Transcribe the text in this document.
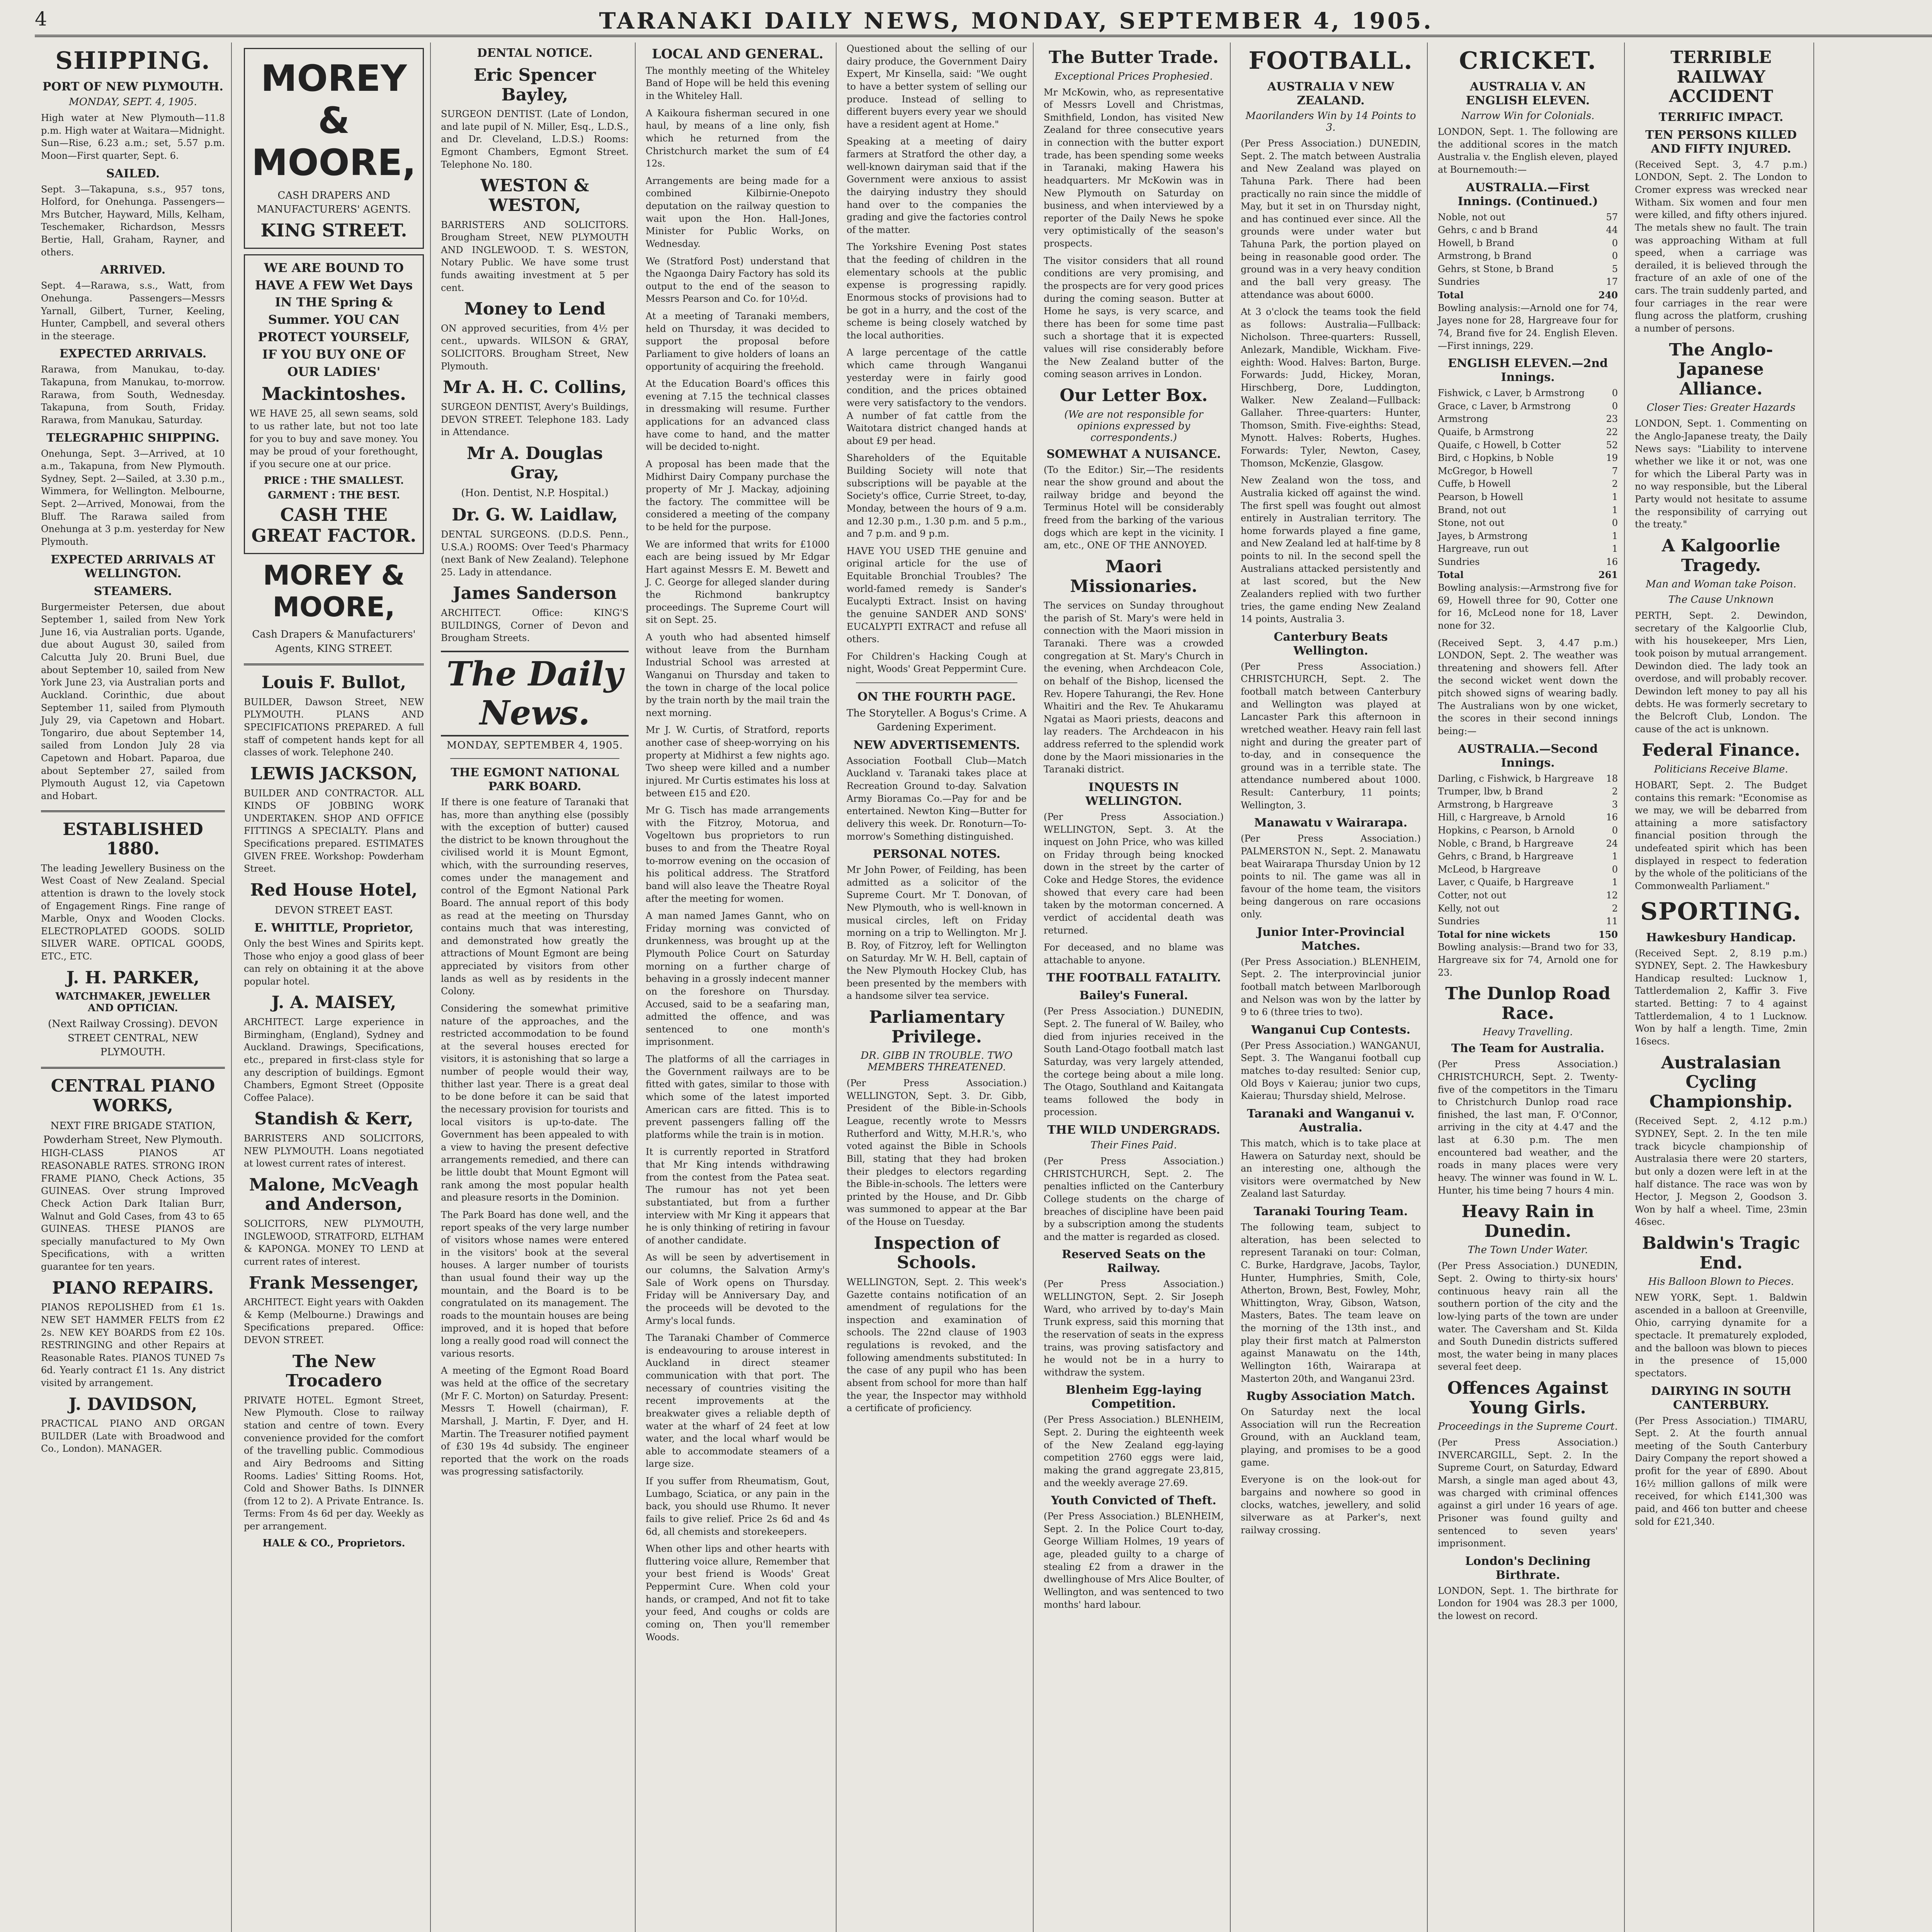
4	TARANAKI DAILY NEWS, MONDAY, SEPTEMBER 4, 1905.
SHIPPING.
PORT OF NEW PLYMOUTH.
MONDAY, SEPT. 4, 1905.

High water at New Plymouth—11.8 p.m. High water at Waitara—Midnight. Sun—Rise, 6.23 a.m.; set, 5.57 p.m. Moon—First quarter, Sept. 6.

SAILED.

Sept. 3—Takapuna, s.s., 957 tons, Holford, for Onehunga. Passengers—Mrs Butcher, Hayward, Mills, Kelham, Teschemaker, Richardson, Messrs Bertie, Hall, Graham, Rayner, and others.

ARRIVED.

Sept. 4—Rarawa, s.s., Watt, from Onehunga. Passengers—Messrs Yarnall, Gilbert, Turner, Keeling, Hunter, Campbell, and several others in the steerage.

EXPECTED ARRIVALS.

Rarawa, from Manukau, to-day. Takapuna, from Manukau, to-morrow. Rarawa, from South, Wednesday. Takapuna, from South, Friday. Rarawa, from Manukau, Saturday.

TELEGRAPHIC SHIPPING.

Onehunga, Sept. 3—Arrived, at 10 a.m., Takapuna, from New Plymouth. Sydney, Sept. 2—Sailed, at 3.30 p.m., Wimmera, for Wellington. Melbourne, Sept. 2—Arrived, Monowai, from the Bluff. The Rarawa sailed from Onehunga at 3 p.m. yesterday for New Plymouth.

EXPECTED ARRIVALS AT WELLINGTON.
STEAMERS.

Burgermeister Petersen, due about September 1, sailed from New York June 16, via Australian ports. Ugande, due about August 30, sailed from Calcutta July 20. Bruni Buel, due about September 10, sailed from New York June 23, via Australian ports and Auckland. Corinthic, due about September 11, sailed from Plymouth July 29, via Capetown and Hobart. Tongariro, due about September 14, sailed from London July 28 via Capetown and Hobart. Paparoa, due about September 27, sailed from Plymouth August 12, via Capetown and Hobart.

ESTABLISHED 1880.

The leading Jewellery Business on the West Coast of New Zealand. Special attention is drawn to the lovely stock of Engagement Rings. Fine range of Marble, Onyx and Wooden Clocks. ELECTROPLATED GOODS. SOLID SILVER WARE. OPTICAL GOODS, ETC., ETC.

J. H. PARKER,
WATCHMAKER, JEWELLER AND OPTICIAN.
(Next Railway Crossing). DEVON STREET CENTRAL, NEW PLYMOUTH.
CENTRAL PIANO WORKS,
NEXT FIRE BRIGADE STATION, Powderham Street, New Plymouth.

HIGH-CLASS PIANOS AT REASONABLE RATES. STRONG IRON FRAME PIANO, Check Actions, 35 GUINEAS. Over strung Improved Check Action Dark Italian Burr, Walnut and Gold Cases, from 43 to 65 GUINEAS. THESE PIANOS are specially manufactured to My Own Specifications, with a written guarantee for ten years.

PIANO REPAIRS.

PIANOS REPOLISHED from £1 1s. NEW SET HAMMER FELTS from £2 2s. NEW KEY BOARDS from £2 10s. RESTRINGING and other Repairs at Reasonable Rates. PIANOS TUNED 7s 6d. Yearly contract £1 1s. Any district visited by arrangement.

J. DAVIDSON,

PRACTICAL PIANO AND ORGAN BUILDER (Late with Broadwood and Co., London). MANAGER.

MOREY & MOORE,
CASH DRAPERS AND MANUFACTURERS' AGENTS.
KING STREET.
WE ARE BOUND TO HAVE A FEW Wet Days IN THE Spring & Summer. YOU CAN PROTECT YOURSELF, IF YOU BUY ONE OF OUR LADIES'
Mackintoshes.

WE HAVE 25, all sewn seams, sold to us rather late, but not too late for you to buy and save money. You may be proud of your forethought, if you secure one at our price.

PRICE : THE SMALLEST.
GARMENT : THE BEST.
CASH THE GREAT FACTOR.
MOREY & MOORE,
Cash Drapers & Manufacturers' Agents, KING STREET.
Louis F. Bullot,

BUILDER, Dawson Street, NEW PLYMOUTH. PLANS AND SPECIFICATIONS PREPARED. A full staff of competent hands kept for all classes of work. Telephone 240.

LEWIS JACKSON,

BUILDER AND CONTRACTOR. ALL KINDS OF JOBBING WORK UNDERTAKEN. SHOP AND OFFICE FITTINGS A SPECIALTY. Plans and Specifications prepared. ESTIMATES GIVEN FREE. Workshop: Powderham Street.

Red House Hotel,
DEVON STREET EAST.
E. WHITTLE, Proprietor,

Only the best Wines and Spirits kept. Those who enjoy a good glass of beer can rely on obtaining it at the above popular hotel.

J. A. MAISEY,

ARCHITECT. Large experience in Birmingham, (England), Sydney and Auckland. Drawings, Specifications, etc., prepared in first-class style for any description of buildings. Egmont Chambers, Egmont Street (Opposite Coffee Palace).

Standish & Kerr,

BARRISTERS AND SOLICITORS, NEW PLYMOUTH. Loans negotiated at lowest current rates of interest.

Malone, McVeagh and Anderson,

SOLICITORS, NEW PLYMOUTH, INGLEWOOD, STRATFORD, ELTHAM & KAPONGA. MONEY TO LEND at current rates of interest.

Frank Messenger,

ARCHITECT. Eight years with Oakden & Kemp (Melbourne.) Drawings and Specifications prepared. Office: DEVON STREET.

The New Trocadero

PRIVATE HOTEL. Egmont Street, New Plymouth. Close to railway station and centre of town. Every convenience provided for the comfort of the travelling public. Commodious and Airy Bedrooms and Sitting Rooms. Ladies' Sitting Rooms. Hot, Cold and Shower Baths. Is DINNER (from 12 to 2). A Private Entrance. Is. Terms: From 4s 6d per day. Weekly as per arrangement.

HALE & CO., Proprietors.
DENTAL NOTICE.
Eric Spencer Bayley,

SURGEON DENTIST. (Late of London, and late pupil of N. Miller, Esq., L.D.S., and Dr. Cleveland, L.D.S.) Rooms: Egmont Chambers, Egmont Street. Telephone No. 180.

WESTON & WESTON,

BARRISTERS AND SOLICITORS. Brougham Street, NEW PLYMOUTH AND INGLEWOOD. T. S. WESTON, Notary Public. We have some trust funds awaiting investment at 5 per cent.

Money to Lend

ON approved securities, from 4½ per cent., upwards. WILSON & GRAY, SOLICITORS. Brougham Street, New Plymouth.

Mr A. H. C. Collins,

SURGEON DENTIST, Avery's Buildings, DEVON STREET. Telephone 183. Lady in Attendance.

Mr A. Douglas Gray,
(Hon. Dentist, N.P. Hospital.)
Dr. G. W. Laidlaw,

DENTAL SURGEONS. (D.D.S. Penn., U.S.A.) ROOMS: Over Teed's Pharmacy (next Bank of New Zealand). Telephone 25. Lady in attendance.

James Sanderson

ARCHITECT. Office: KING'S BUILDINGS, Corner of Devon and Brougham Streets.

The Daily News.
MONDAY, SEPTEMBER 4, 1905.
THE EGMONT NATIONAL PARK BOARD.

If there is one feature of Taranaki that has, more than anything else (possibly with the exception of butter) caused the district to be known throughout the civilised world it is Mount Egmont, which, with the surrounding reserves, comes under the management and control of the Egmont National Park Board. The annual report of this body as read at the meeting on Thursday contains much that was interesting, and demonstrated how greatly the attractions of Mount Egmont are being appreciated by visitors from other lands as well as by residents in the Colony.

Considering the somewhat primitive nature of the approaches, and the restricted accommodation to be found at the several houses erected for visitors, it is astonishing that so large a number of people would their way, thither last year. There is a great deal to be done before it can be said that the necessary provision for tourists and local visitors is up-to-date. The Government has been appealed to with a view to having the present defective arrangements remedied, and there can be little doubt that Mount Egmont will rank among the most popular health and pleasure resorts in the Dominion.

The Park Board has done well, and the report speaks of the very large number of visitors whose names were entered in the visitors' book at the several houses. A larger number of tourists than usual found their way up the mountain, and the Board is to be congratulated on its management. The roads to the mountain houses are being improved, and it is hoped that before long a really good road will connect the various resorts.

A meeting of the Egmont Road Board was held at the office of the secretary (Mr F. C. Morton) on Saturday. Present: Messrs T. Howell (chairman), F. Marshall, J. Martin, F. Dyer, and H. Martin. The Treasurer notified payment of £30 19s 4d subsidy. The engineer reported that the work on the roads was progressing satisfactorily.

LOCAL AND GENERAL.

The monthly meeting of the Whiteley Band of Hope will be held this evening in the Whiteley Hall.

A Kaikoura fisherman secured in one haul, by means of a line only, fish which he returned from the Christchurch market the sum of £4 12s.

Arrangements are being made for a combined Kilbirnie-Onepoto deputation on the railway question to wait upon the Hon. Hall-Jones, Minister for Public Works, on Wednesday.

We (Stratford Post) understand that the Ngaonga Dairy Factory has sold its output to the end of the season to Messrs Pearson and Co. for 10½d.

At a meeting of Taranaki members, held on Thursday, it was decided to support the proposal before Parliament to give holders of loans an opportunity of acquiring the freehold.

At the Education Board's offices this evening at 7.15 the technical classes in dressmaking will resume. Further applications for an advanced class have come to hand, and the matter will be decided to-night.

A proposal has been made that the Midhirst Dairy Company purchase the property of Mr J. Mackay, adjoining the factory. The committee will be considered a meeting of the company to be held for the purpose.

We are informed that writs for £1000 each are being issued by Mr Edgar Hart against Messrs E. M. Bewett and J. C. George for alleged slander during the Richmond bankruptcy proceedings. The Supreme Court will sit on Sept. 25.

A youth who had absented himself without leave from the Burnham Industrial School was arrested at Wanganui on Thursday and taken to the town in charge of the local police by the train north by the mail train the next morning.

Mr J. W. Curtis, of Stratford, reports another case of sheep-worrying on his property at Midhirst a few nights ago. Two sheep were killed and a number injured. Mr Curtis estimates his loss at between £15 and £20.

Mr G. Tisch has made arrangements with the Fitzroy, Motorua, and Vogeltown bus proprietors to run buses to and from the Theatre Royal to-morrow evening on the occasion of his political address. The Stratford band will also leave the Theatre Royal after the meeting for women.

A man named James Gannt, who on Friday morning was convicted of drunkenness, was brought up at the Plymouth Police Court on Saturday morning on a further charge of behaving in a grossly indecent manner on the foreshore on Thursday. Accused, said to be a seafaring man, admitted the offence, and was sentenced to one month's imprisonment.

The platforms of all the carriages in the Government railways are to be fitted with gates, similar to those with which some of the latest imported American cars are fitted. This is to prevent passengers falling off the platforms while the train is in motion.

It is currently reported in Stratford that Mr King intends withdrawing from the contest from the Patea seat. The rumour has not yet been substantiated, but from a further interview with Mr King it appears that he is only thinking of retiring in favour of another candidate.

As will be seen by advertisement in our columns, the Salvation Army's Sale of Work opens on Thursday. Friday will be Anniversary Day, and the proceeds will be devoted to the Army's local funds.

The Taranaki Chamber of Commerce is endeavouring to arouse interest in Auckland in direct steamer communication with that port. The necessary of countries visiting the recent improvements at the breakwater gives a reliable depth of water at the wharf of 24 feet at low water, and the local wharf would be able to accommodate steamers of a large size.

If you suffer from Rheumatism, Gout, Lumbago, Sciatica, or any pain in the back, you should use Rhumo. It never fails to give relief. Price 2s 6d and 4s 6d, all chemists and storekeepers.

When other lips and other hearts with fluttering voice allure, Remember that your best friend is Woods' Great Peppermint Cure. When cold your hands, or cramped, And not fit to take your feed, And coughs or colds are coming on, Then you'll remember Woods.

Questioned about the selling of our dairy produce, the Government Dairy Expert, Mr Kinsella, said: "We ought to have a better system of selling our produce. Instead of selling to different buyers every year we should have a resident agent at Home."

Speaking at a meeting of dairy farmers at Stratford the other day, a well-known dairyman said that if the Government were anxious to assist the dairying industry they should hand over to the companies the grading and give the factories control of the matter.

The Yorkshire Evening Post states that the feeding of children in the elementary schools at the public expense is progressing rapidly. Enormous stocks of provisions had to be got in a hurry, and the cost of the scheme is being closely watched by the local authorities.

A large percentage of the cattle which came through Wanganui yesterday were in fairly good condition, and the prices obtained were very satisfactory to the vendors. A number of fat cattle from the Waitotara district changed hands at about £9 per head.

Shareholders of the Equitable Building Society will note that subscriptions will be payable at the Society's office, Currie Street, to-day, Monday, between the hours of 9 a.m. and 12.30 p.m., 1.30 p.m. and 5 p.m., and 7 p.m. and 9 p.m.

HAVE YOU USED THE genuine and original article for the use of Equitable Bronchial Troubles? The world-famed remedy is Sander's Eucalypti Extract. Insist on having the genuine SANDER AND SONS' EUCALYPTI EXTRACT and refuse all others.

For Children's Hacking Cough at night, Woods' Great Peppermint Cure.

ON THE FOURTH PAGE.
The Storyteller. A Bogus's Crime. A Gardening Experiment.
NEW ADVERTISEMENTS.

Association Football Club—Match Auckland v. Taranaki takes place at Recreation Ground to-day. Salvation Army Bioramas Co.—Pay for and be entertained. Newton King—Butter for delivery this week. Dr. Ronoturn—To-morrow's Something distinguished.

PERSONAL NOTES.

Mr John Power, of Feilding, has been admitted as a solicitor of the Supreme Court. Mr T. Donovan, of New Plymouth, who is well-known in musical circles, left on Friday morning on a trip to Wellington. Mr J. B. Roy, of Fitzroy, left for Wellington on Saturday. Mr W. H. Bell, captain of the New Plymouth Hockey Club, has been presented by the members with a handsome silver tea service.

Parliamentary Privilege.
DR. GIBB IN TROUBLE. TWO MEMBERS THREATENED.

(Per Press Association.) WELLINGTON, Sept. 3. Dr. Gibb, President of the Bible-in-Schools League, recently wrote to Messrs Rutherford and Witty, M.H.R.'s, who voted against the Bible in Schools Bill, stating that they had broken their pledges to electors regarding the Bible-in-schools. The letters were printed by the House, and Dr. Gibb was summoned to appear at the Bar of the House on Tuesday.

Inspection of Schools.

WELLINGTON, Sept. 2. This week's Gazette contains notification of an amendment of regulations for the inspection and examination of schools. The 22nd clause of 1903 regulations is revoked, and the following amendments substituted: In the case of any pupil who has been absent from school for more than half the year, the Inspector may withhold a certificate of proficiency.

The Butter Trade.
Exceptional Prices Prophesied.

Mr McKowin, who, as representative of Messrs Lovell and Christmas, Smithfield, London, has visited New Zealand for three consecutive years in connection with the butter export trade, has been spending some weeks in Taranaki, making Hawera his headquarters. Mr McKowin was in New Plymouth on Saturday on business, and when interviewed by a reporter of the Daily News he spoke very optimistically of the season's prospects.

The visitor considers that all round conditions are very promising, and the prospects are for very good prices during the coming season. Butter at Home he says, is very scarce, and there has been for some time past such a shortage that it is expected values will rise considerably before the New Zealand butter of the coming season arrives in London.

Our Letter Box.
(We are not responsible for opinions expressed by correspondents.)
SOMEWHAT A NUISANCE.

(To the Editor.) Sir,—The residents near the show ground and about the railway bridge and beyond the Terminus Hotel will be considerably freed from the barking of the various dogs which are kept in the vicinity. I am, etc., ONE OF THE ANNOYED.

Maori Missionaries.

The services on Sunday throughout the parish of St. Mary's were held in connection with the Maori mission in Taranaki. There was a crowded congregation at St. Mary's Church in the evening, when Archdeacon Cole, on behalf of the Bishop, licensed the Rev. Hopere Tahurangi, the Rev. Hone Whaitiri and the Rev. Te Ahukaramu Ngatai as Maori priests, deacons and lay readers. The Archdeacon in his address referred to the splendid work done by the Maori missionaries in the Taranaki district.

INQUESTS IN WELLINGTON.

(Per Press Association.) WELLINGTON, Sept. 3. At the inquest on John Price, who was killed on Friday through being knocked down in the street by the carter of Coke and Hedge Stores, the evidence showed that every care had been taken by the motorman concerned. A verdict of accidental death was returned.

For deceased, and no blame was attachable to anyone.

THE FOOTBALL FATALITY.
Bailey's Funeral.

(Per Press Association.) DUNEDIN, Sept. 2. The funeral of W. Bailey, who died from injuries received in the South Land-Otago football match last Saturday, was very largely attended, the cortege being about a mile long. The Otago, Southland and Kaitangata teams followed the body in procession.

THE WILD UNDERGRADS.
Their Fines Paid.

(Per Press Association.) CHRISTCHURCH, Sept. 2. The penalties inflicted on the Canterbury College students on the charge of breaches of discipline have been paid by a subscription among the students and the matter is regarded as closed.

Reserved Seats on the Railway.

(Per Press Association.) WELLINGTON, Sept. 2. Sir Joseph Ward, who arrived by to-day's Main Trunk express, said this morning that the reservation of seats in the express trains, was proving satisfactory and he would not be in a hurry to withdraw the system.

Blenheim Egg-laying Competition.

(Per Press Association.) BLENHEIM, Sept. 2. During the eighteenth week of the New Zealand egg-laying competition 2760 eggs were laid, making the grand aggregate 23,815, and the weekly average 27.69.

Youth Convicted of Theft.

(Per Press Association.) BLENHEIM, Sept. 2. In the Police Court to-day, George William Holmes, 19 years of age, pleaded guilty to a charge of stealing £2 from a drawer in the dwellinghouse of Mrs Alice Boulter, of Wellington, and was sentenced to two months' hard labour.

FOOTBALL.
AUSTRALIA V NEW ZEALAND.
Maorilanders Win by 14 Points to 3.

(Per Press Association.) DUNEDIN, Sept. 2. The match between Australia and New Zealand was played on Tahuna Park. There had been practically no rain since the middle of May, but it set in on Thursday night, and has continued ever since. All the grounds were under water but Tahuna Park, the portion played on being in reasonable good order. The ground was in a very heavy condition and the ball very greasy. The attendance was about 6000.

At 3 o'clock the teams took the field as follows: Australia—Fullback: Nicholson. Three-quarters: Russell, Anlezark, Mandible, Wickham. Five-eighth: Wood. Halves: Barton, Burge. Forwards: Judd, Hickey, Moran, Hirschberg, Dore, Luddington, Walker. New Zealand—Fullback: Gallaher. Three-quarters: Hunter, Thomson, Smith. Five-eighths: Stead, Mynott. Halves: Roberts, Hughes. Forwards: Tyler, Newton, Casey, Thomson, McKenzie, Glasgow.

New Zealand won the toss, and Australia kicked off against the wind. The first spell was fought out almost entirely in Australian territory. The home forwards played a fine game, and New Zealand led at half-time by 8 points to nil. In the second spell the Australians attacked persistently and at last scored, but the New Zealanders replied with two further tries, the game ending New Zealand 14 points, Australia 3.

Canterbury Beats Wellington.

(Per Press Association.) CHRISTCHURCH, Sept. 2. The football match between Canterbury and Wellington was played at Lancaster Park this afternoon in wretched weather. Heavy rain fell last night and during the greater part of to-day, and in consequence the ground was in a terrible state. The attendance numbered about 1000. Result: Canterbury, 11 points; Wellington, 3.

Manawatu v Wairarapa.

(Per Press Association.) PALMERSTON N., Sept. 2. Manawatu beat Wairarapa Thursday Union by 12 points to nil. The game was all in favour of the home team, the visitors being dangerous on rare occasions only.

Junior Inter-Provincial Matches.

(Per Press Association.) BLENHEIM, Sept. 2. The interprovincial junior football match between Marlborough and Nelson was won by the latter by 9 to 6 (three tries to two).

Wanganui Cup Contests.

(Per Press Association.) WANGANUI, Sept. 3. The Wanganui football cup matches to-day resulted: Senior cup, Old Boys v Kaierau; junior two cups, Kaierau; Thursday shield, Melrose.

Taranaki and Wanganui v. Australia.

This match, which is to take place at Hawera on Saturday next, should be an interesting one, although the visitors were overmatched by New Zealand last Saturday.

Taranaki Touring Team.

The following team, subject to alteration, has been selected to represent Taranaki on tour: Colman, C. Burke, Hardgrave, Jacobs, Taylor, Hunter, Humphries, Smith, Cole, Atherton, Brown, Best, Fowley, Mohr, Whittington, Wray, Gibson, Watson, Masters, Bates. The team leave on the morning of the 13th inst., and play their first match at Palmerston against Manawatu on the 14th, Wellington 16th, Wairarapa at Masterton 20th, and Wanganui 23rd.

Rugby Association Match.

On Saturday next the local Association will run the Recreation Ground, with an Auckland team, playing, and promises to be a good game.

Everyone is on the look-out for bargains and nowhere so good in clocks, watches, jewellery, and solid silverware as at Parker's, next railway crossing.

CRICKET.
AUSTRALIA V. AN ENGLISH ELEVEN.
Narrow Win for Colonials.

LONDON, Sept. 1. The following are the additional scores in the match Australia v. the English eleven, played at Bournemouth:—

AUSTRALIA.—First Innings. (Continued.)
Noble, not out	57
Gehrs, c and b Brand	44
Howell, b Brand	0
Armstrong, b Brand	0
Gehrs, st Stone, b Brand	5
Sundries	17
Total	240

Bowling analysis:—Arnold one for 74, Jayes none for 28, Hargreave four for 74, Brand five for 24. English Eleven.—First innings, 229.

ENGLISH ELEVEN.—2nd Innings.
Fishwick, c Laver, b Armstrong	0
Grace, c Laver, b Armstrong	0
Armstrong	23
Quaife, b Armstrong	22
Quaife, c Howell, b Cotter	52
Bird, c Hopkins, b Noble	19
McGregor, b Howell	7
Cuffe, b Howell	2
Pearson, b Howell	1
Brand, not out	1
Stone, not out	0
Jayes, b Armstrong	1
Hargreave, run out	1
Sundries	16
Total	261

Bowling analysis:—Armstrong five for 69, Howell three for 90, Cotter one for 16, McLeod none for 18, Laver none for 32.

(Received Sept. 3, 4.47 p.m.) LONDON, Sept. 2. The weather was threatening and showers fell. After the second wicket went down the pitch showed signs of wearing badly. The Australians won by one wicket, the scores in their second innings being:—

AUSTRALIA.—Second Innings.
Darling, c Fishwick, b Hargreave	18
Trumper, lbw, b Brand	2
Armstrong, b Hargreave	3
Hill, c Hargreave, b Arnold	16
Hopkins, c Pearson, b Arnold	0
Noble, c Brand, b Hargreave	24
Gehrs, c Brand, b Hargreave	1
McLeod, b Hargreave	0
Laver, c Quaife, b Hargreave	1
Cotter, not out	12
Kelly, not out	2
Sundries	11
Total for nine wickets	150

Bowling analysis:—Brand two for 33, Hargreave six for 74, Arnold one for 23.

The Dunlop Road Race.
Heavy Travelling.
The Team for Australia.

(Per Press Association.) CHRISTCHURCH, Sept. 2. Twenty-five of the competitors in the Timaru to Christchurch Dunlop road race finished, the last man, F. O'Connor, arriving in the city at 4.47 and the last at 6.30 p.m. The men encountered bad weather, and the roads in many places were very heavy. The winner was found in W. L. Hunter, his time being 7 hours 4 min.

Heavy Rain in Dunedin.
The Town Under Water.

(Per Press Association.) DUNEDIN, Sept. 2. Owing to thirty-six hours' continuous heavy rain all the southern portion of the city and the low-lying parts of the town are under water. The Caversham and St. Kilda and South Dunedin districts suffered most, the water being in many places several feet deep.

Offences Against Young Girls.
Proceedings in the Supreme Court.

(Per Press Association.) INVERCARGILL, Sept. 2. In the Supreme Court, on Saturday, Edward Marsh, a single man aged about 43, was charged with criminal offences against a girl under 16 years of age. Prisoner was found guilty and sentenced to seven years' imprisonment.

London's Declining Birthrate.

LONDON, Sept. 1. The birthrate for London for 1904 was 28.3 per 1000, the lowest on record.

TERRIBLE RAILWAY ACCIDENT
TERRIFIC IMPACT.
TEN PERSONS KILLED AND FIFTY INJURED.

(Received Sept. 3, 4.7 p.m.) LONDON, Sept. 2. The London to Cromer express was wrecked near Witham. Six women and four men were killed, and fifty others injured. The metals shew no fault. The train was approaching Witham at full speed, when a carriage was derailed, it is believed through the fracture of an axle of one of the cars. The train suddenly parted, and four carriages in the rear were flung across the platform, crushing a number of persons.

The Anglo-Japanese Alliance.
Closer Ties: Greater Hazards

LONDON, Sept. 1. Commenting on the Anglo-Japanese treaty, the Daily News says: "Liability to intervene whether we like it or not, was one for which the Liberal Party was in no way responsible, but the Liberal Party would not hesitate to assume the responsibility of carrying out the treaty."

A Kalgoorlie Tragedy.
Man and Woman take Poison.
The Cause Unknown

PERTH, Sept. 2. Dewindon, secretary of the Kalgoorlie Club, with his housekeeper, Mrs Lien, took poison by mutual arrangement. Dewindon died. The lady took an overdose, and will probably recover. Dewindon left money to pay all his debts. He was formerly secretary to the Belcroft Club, London. The cause of the act is unknown.

Federal Finance.
Politicians Receive Blame.

HOBART, Sept. 2. The Budget contains this remark: "Economise as we may, we will be debarred from attaining a more satisfactory financial position through the undefeated spirit which has been displayed in respect to federation by the whole of the politicians of the Commonwealth Parliament."

SPORTING.
Hawkesbury Handicap.

(Received Sept. 2, 8.19 p.m.) SYDNEY, Sept. 2. The Hawkesbury Handicap resulted: Lucknow 1, Tattlerdemalion 2, Kaffir 3. Five started. Betting: 7 to 4 against Tattlerdemalion, 4 to 1 Lucknow. Won by half a length. Time, 2min 16secs.

Australasian Cycling Championship.

(Received Sept. 2, 4.12 p.m.) SYDNEY, Sept. 2. In the ten mile track bicycle championship of Australasia there were 20 starters, but only a dozen were left in at the half distance. The race was won by Hector, J. Megson 2, Goodson 3. Won by half a wheel. Time, 23min 46sec.

Baldwin's Tragic End.
His Balloon Blown to Pieces.

NEW YORK, Sept. 1. Baldwin ascended in a balloon at Greenville, Ohio, carrying dynamite for a spectacle. It prematurely exploded, and the balloon was blown to pieces in the presence of 15,000 spectators.

DAIRYING IN SOUTH CANTERBURY.

(Per Press Association.) TIMARU, Sept. 2. At the fourth annual meeting of the South Canterbury Dairy Company the report showed a profit for the year of £890. About 16½ million gallons of milk were received, for which £141,300 was paid, and 466 ton butter and cheese sold for £21,340.
